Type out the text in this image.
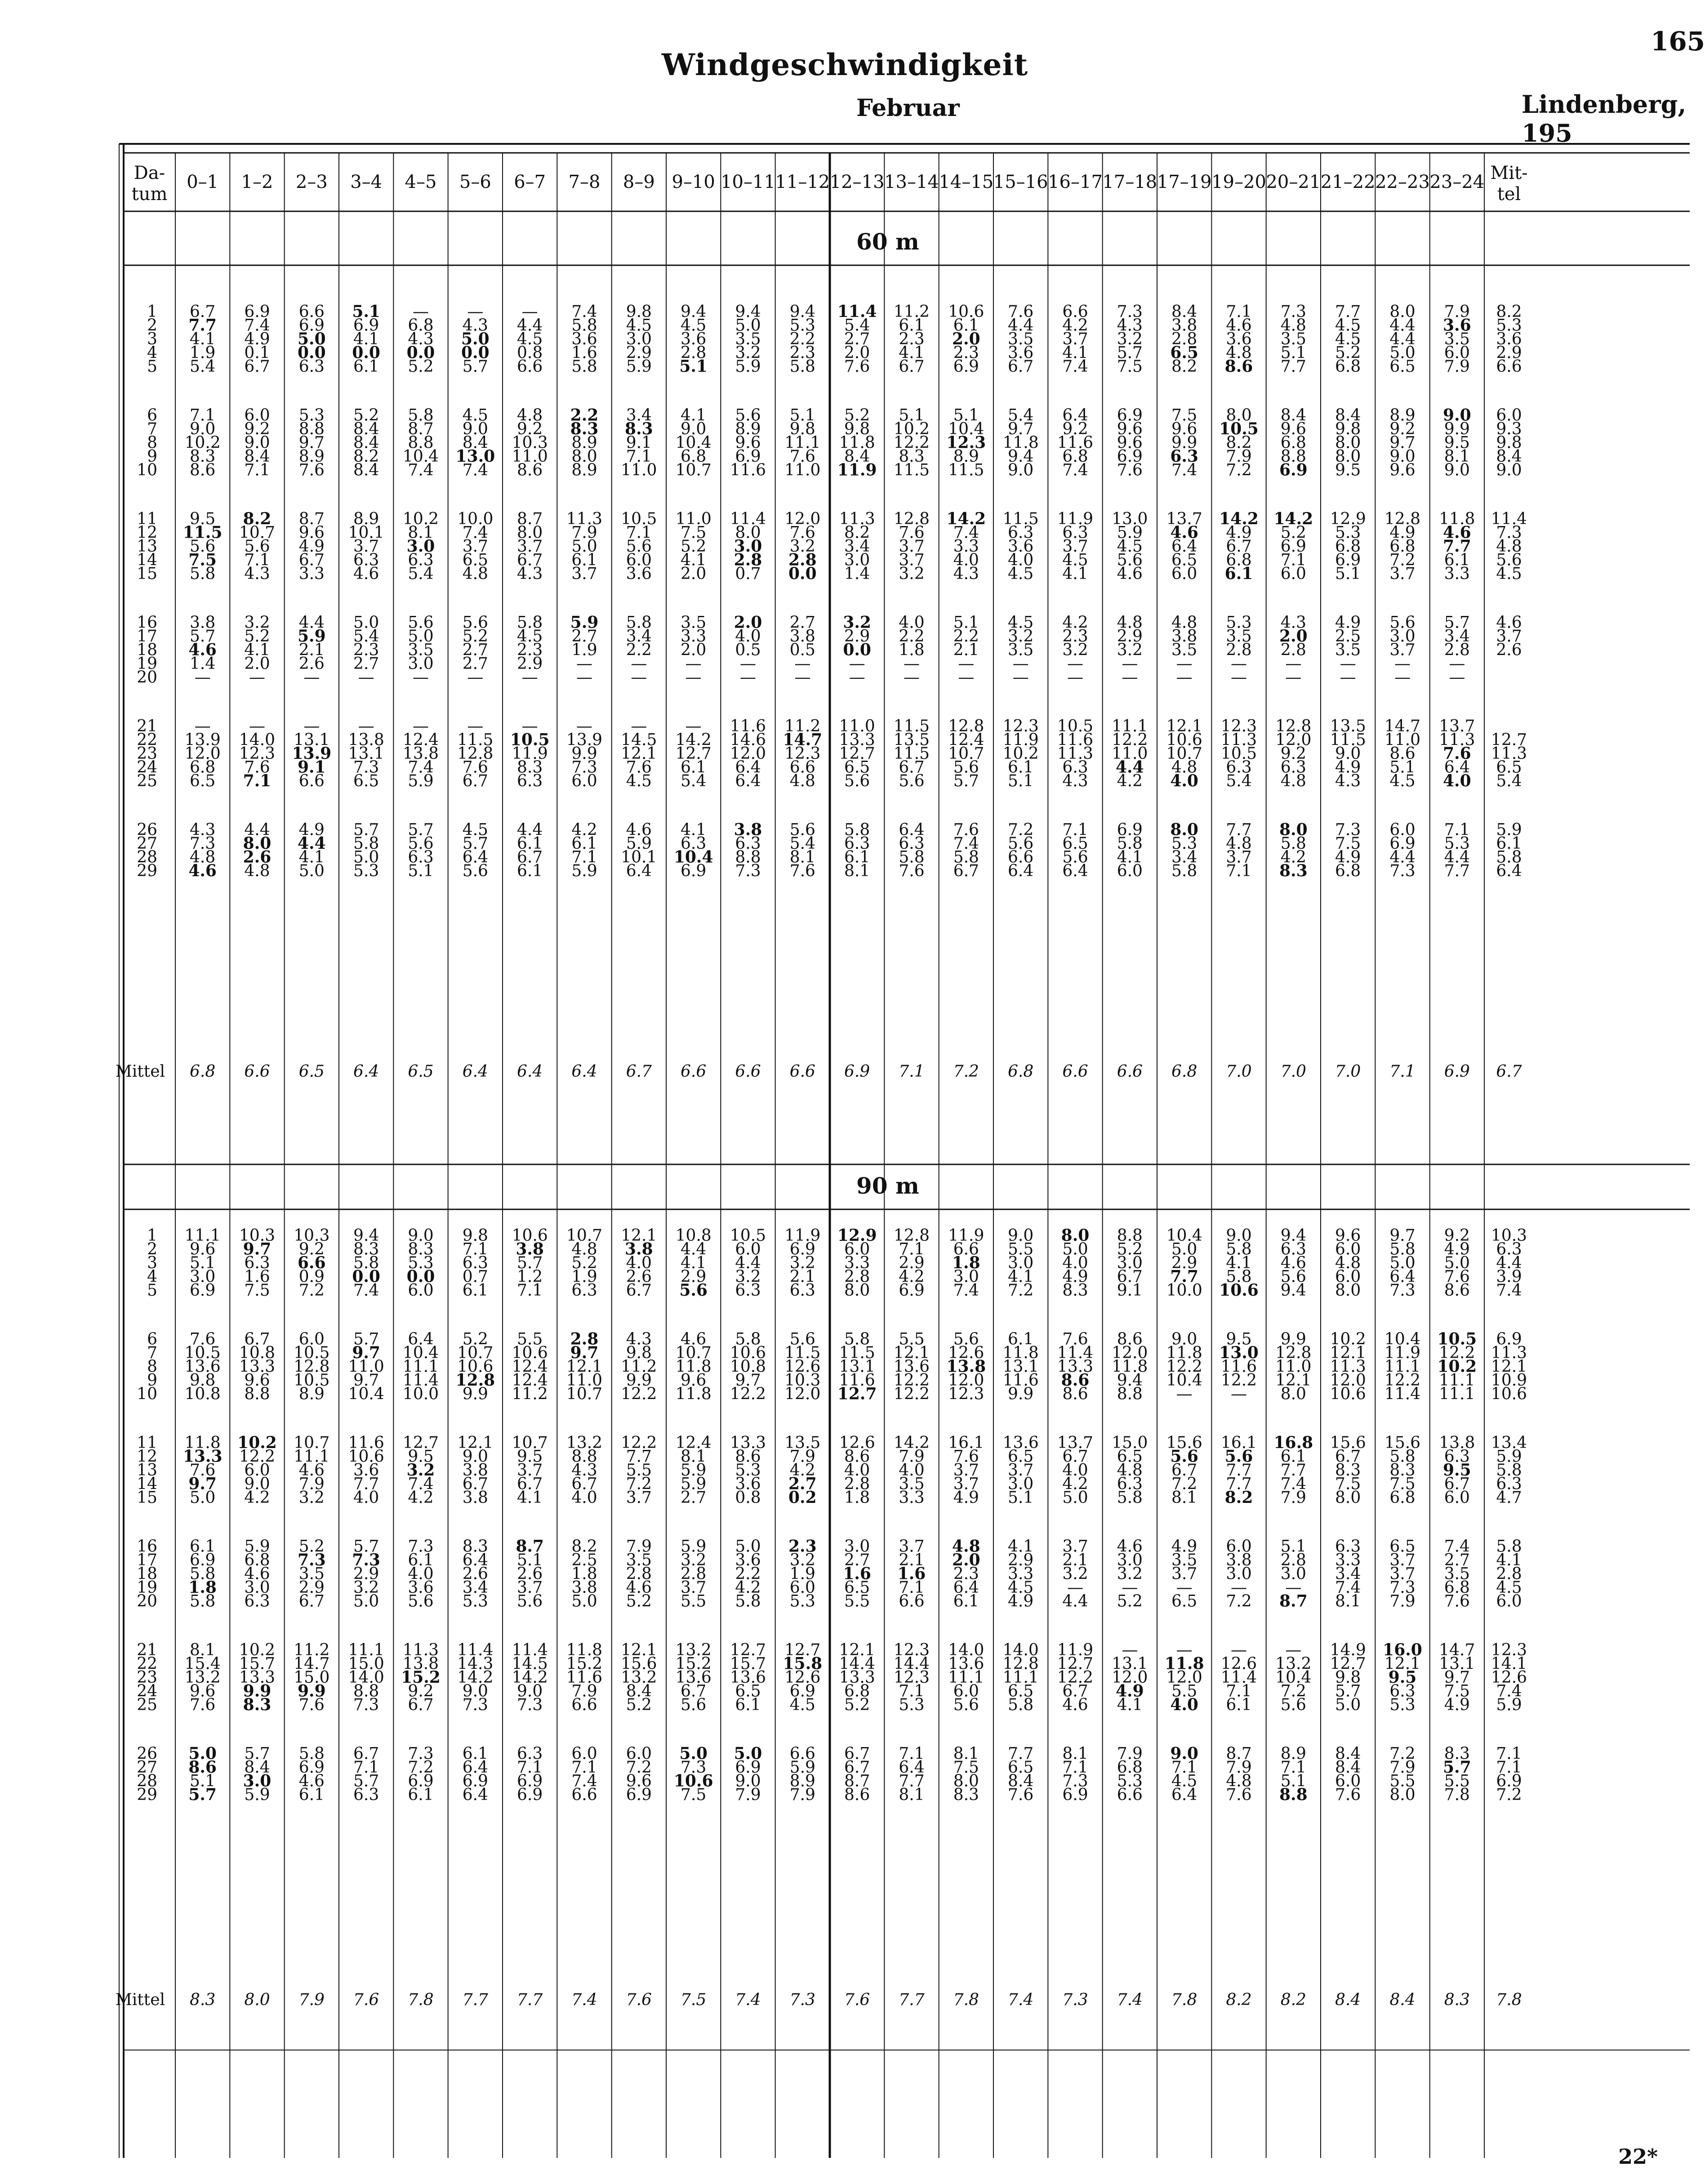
165
Windgeschwindigkeit
Februar	Lindenberg, 195
22*
Da-
tum
0–1 1–2 2–3 3–4 4–5 5–6 6–7 7–8 8–9 9–10 10–11 11–12 12–13 13–14 14–15 15–16 16–17 17–18 17–19 19–20 20–21 21–22 22–23 23–24 Mit-
tel
60 m
1 6.7 6.9 6.6 5.1 — — — 7.4 9.8 9.4 9.4 9.4 11.4 11.2 10.6 7.6 6.6 7.3 8.4 7.1 7.3 7.7 8.0 7.9 8.2
2 7.7 7.4 6.9 6.9 6.8 4.3 4.4 5.8 4.5 4.5 5.0 5.3 5.4 6.1 6.1 4.4 4.2 4.3 3.8 4.6 4.8 4.5 4.4 3.6 5.3
3 4.1 4.9 5.0 4.1 4.3 5.0 4.5 3.6 3.0 3.6 3.5 2.2 2.7 2.3 2.0 3.5 3.7 3.2 2.8 3.6 3.5 4.5 4.4 3.5 3.6
4 1.9 0.1 0.0 0.0 0.0 0.0 0.8 1.6 2.9 2.8 3.2 2.3 2.0 4.1 2.3 3.6 4.1 5.7 6.5 4.8 5.1 5.2 5.0 6.0 2.9
5 5.4 6.7 6.3 6.1 5.2 5.7 6.6 5.8 5.9 5.1 5.9 5.8 7.6 6.7 6.9 6.7 7.4 7.5 8.2 8.6 7.7 6.8 6.5 7.9 6.6
6 7.1 6.0 5.3 5.2 5.8 4.5 4.8 2.2 3.4 4.1 5.6 5.1 5.2 5.1 5.1 5.4 6.4 6.9 7.5 8.0 8.4 8.4 8.9 9.0 6.0
7 9.0 9.2 8.8 8.4 8.7 9.0 9.2 8.3 8.3 9.0 8.9 9.8 9.8 10.2 10.4 9.7 9.2 9.6 9.6 10.5 9.6 9.8 9.2 9.9 9.3
8 10.2 9.0 9.7 8.4 8.8 8.4 10.3 8.9 9.1 10.4 9.6 11.1 11.8 12.2 12.3 11.8 11.6 9.6 9.9 8.2 6.8 8.0 9.7 9.5 9.8
9 8.3 8.4 8.9 8.2 10.4 13.0 11.0 8.0 7.1 6.8 6.9 7.6 8.4 8.3 8.9 9.4 6.8 6.9 6.3 7.9 8.8 8.0 9.0 8.1 8.4
10 8.6 7.1 7.6 8.4 7.4 7.4 8.6 8.9 11.0 10.7 11.6 11.0 11.9 11.5 11.5 9.0 7.4 7.6 7.4 7.2 6.9 9.5 9.6 9.0 9.0
11 9.5 8.2 8.7 8.9 10.2 10.0 8.7 11.3 10.5 11.0 11.4 12.0 11.3 12.8 14.2 11.5 11.9 13.0 13.7 14.2 14.2 12.9 12.8 11.8 11.4
12 11.5 10.7 9.6 10.1 8.1 7.4 8.0 7.9 7.1 7.5 8.0 7.6 8.2 7.6 7.4 6.3 6.3 5.9 4.6 4.9 5.2 5.3 4.9 4.6 7.3
13 5.6 5.6 4.9 3.7 3.0 3.7 3.7 5.0 5.6 5.2 3.0 3.2 3.4 3.7 3.3 3.6 3.7 4.5 6.4 6.7 6.9 6.8 6.8 7.7 4.8
14 7.5 7.1 6.7 6.3 6.3 6.5 6.7 6.1 6.0 4.1 2.8 2.8 3.0 3.7 4.0 4.0 4.5 5.6 6.5 6.8 7.1 6.9 7.2 6.1 5.6
15 5.8 4.3 3.3 4.6 5.4 4.8 4.3 3.7 3.6 2.0 0.7 0.0 1.4 3.2 4.3 4.5 4.1 4.6 6.0 6.1 6.0 5.1 3.7 3.3 4.5
16 3.8 3.2 4.4 5.0 5.6 5.6 5.8 5.9 5.8 3.5 2.0 2.7 3.2 4.0 5.1 4.5 4.2 4.8 4.8 5.3 4.3 4.9 5.6 5.7 4.6
17 5.7 5.2 5.9 5.4 5.0 5.2 4.5 2.7 3.4 3.3 4.0 3.8 2.9 2.2 2.2 3.2 2.3 2.9 3.8 3.5 2.0 2.5 3.0 3.4 3.7
18 4.6 4.1 2.1 2.3 3.5 2.7 2.3 1.9 2.2 2.0 0.5 0.5 0.0 1.8 2.1 3.5 3.2 3.2 3.5 2.8 2.8 3.5 3.7 2.8 2.6
19 1.4 2.0 2.6 2.7 3.0 2.7 2.9 — — — — — — — — — — — — — — — — —
20 — — — — — — — — — — — — — — — — — — — — — — — —
21 — — — — — — — — — — 11.6 11.2 11.0 11.5 12.8 12.3 10.5 11.1 12.1 12.3 12.8 13.5 14.7 13.7
22 13.9 14.0 13.1 13.8 12.4 11.5 10.5 13.9 14.5 14.2 14.6 14.7 13.3 13.5 12.4 11.9 11.6 12.2 10.6 11.3 12.0 11.5 11.0 11.3 12.7
23 12.0 12.3 13.9 13.1 13.8 12.8 11.9 9.9 12.1 12.7 12.0 12.3 12.7 11.5 10.7 10.2 11.3 11.0 10.7 10.5 9.2 9.0 8.6 7.6 11.3
24 6.8 7.6 9.1 7.3 7.4 7.6 8.3 7.3 7.6 6.1 6.4 6.6 6.5 6.7 5.6 6.1 6.3 4.4 4.8 6.3 6.3 4.9 5.1 6.4 6.5
25 6.5 7.1 6.6 6.5 5.9 6.7 6.3 6.0 4.5 5.4 6.4 4.8 5.6 5.6 5.7 5.1 4.3 4.2 4.0 5.4 4.8 4.3 4.5 4.0 5.4
26 4.3 4.4 4.9 5.7 5.7 4.5 4.4 4.2 4.6 4.1 3.8 5.6 5.8 6.4 7.6 7.2 7.1 6.9 8.0 7.7 8.0 7.3 6.0 7.1 5.9
27 7.3 8.0 4.4 5.8 5.6 5.7 6.1 6.1 5.9 6.3 6.3 5.4 6.3 6.3 7.4 5.6 6.5 5.8 5.3 4.8 5.8 7.5 6.9 5.3 6.1
28 4.8 2.6 4.1 5.0 6.3 6.4 6.7 7.1 10.1 10.4 8.8 8.1 6.1 5.8 5.8 6.6 5.6 4.1 3.4 3.7 4.2 4.9 4.4 4.4 5.8
29 4.6 4.8 5.0 5.3 5.1 5.6 6.1 5.9 6.4 6.9 7.3 7.6 8.1 7.6 6.7 6.4 6.4 6.0 5.8 7.1 8.3 6.8 7.3 7.7 6.4
Mittel 6.8 6.6 6.5 6.4 6.5 6.4 6.4 6.4 6.7 6.6 6.6 6.6 6.9 7.1 7.2 6.8 6.6 6.6 6.8 7.0 7.0 7.0 7.1 6.9 6.7
90 m
1 11.1 10.3 10.3 9.4 9.0 9.8 10.6 10.7 12.1 10.8 10.5 11.9 12.9 12.8 11.9 9.0 8.0 8.8 10.4 9.0 9.4 9.6 9.7 9.2 10.3
2 9.6 9.7 9.2 8.3 8.3 7.1 3.8 4.8 3.8 4.4 6.0 6.9 6.0 7.1 6.6 5.5 5.0 5.2 5.0 5.8 6.3 6.0 5.8 4.9 6.3
3 5.1 6.3 6.6 5.8 5.3 6.3 5.7 5.2 4.0 4.1 4.4 3.2 3.3 2.9 1.8 3.0 4.0 3.0 2.9 4.1 4.6 4.8 5.0 5.0 4.4
4 3.0 1.6 0.9 0.0 0.0 0.7 1.2 1.9 2.6 2.9 3.2 2.1 2.8 4.2 3.0 4.1 4.9 6.7 7.7 5.8 5.6 6.0 6.4 7.6 3.9
5 6.9 7.5 7.2 7.4 6.0 6.1 7.1 6.3 6.7 5.6 6.3 6.3 8.0 6.9 7.4 7.2 8.3 9.1 10.0 10.6 9.4 8.0 7.3 8.6 7.4
6 7.6 6.7 6.0 5.7 6.4 5.2 5.5 2.8 4.3 4.6 5.8 5.6 5.8 5.5 5.6 6.1 7.6 8.6 9.0 9.5 9.9 10.2 10.4 10.5 6.9
7 10.5 10.8 10.5 9.7 10.4 10.7 10.6 9.7 9.8 10.7 10.6 11.5 11.5 12.1 12.6 11.8 11.4 12.0 11.8 13.0 12.8 12.1 11.9 12.2 11.3
8 13.6 13.3 12.8 11.0 11.1 10.6 12.4 12.1 11.2 11.8 10.8 12.6 13.1 13.6 13.8 13.1 13.3 11.8 12.2 11.6 11.0 11.3 11.1 10.2 12.1
9 9.8 9.6 10.5 9.7 11.4 12.8 12.4 11.0 9.9 9.6 9.7 10.3 11.6 12.2 12.0 11.6 8.6 9.4 10.4 12.2 12.1 12.0 12.2 11.1 10.9
10 10.8 8.8 8.9 10.4 10.0 9.9 11.2 10.7 12.2 11.8 12.2 12.0 12.7 12.2 12.3 9.9 8.6 8.8 — — 8.0 10.6 11.4 11.1 10.6
11 11.8 10.2 10.7 11.6 12.7 12.1 10.7 13.2 12.2 12.4 13.3 13.5 12.6 14.2 16.1 13.6 13.7 15.0 15.6 16.1 16.8 15.6 15.6 13.8 13.4
12 13.3 12.2 11.1 10.6 9.5 9.0 9.5 8.8 7.7 8.1 8.6 7.9 8.6 7.9 7.6 6.5 6.7 6.5 5.6 5.6 6.1 6.7 5.8 6.3 5.9
13 7.6 6.0 4.6 3.6 3.2 3.8 3.7 4.3 5.5 5.9 5.3 4.2 4.0 4.0 3.7 3.7 4.0 4.8 6.7 7.7 7.7 8.3 8.3 9.5 5.8
14 9.7 9.0 7.9 7.7 7.4 6.7 6.7 6.7 7.2 5.9 3.6 2.7 2.8 3.5 3.7 3.0 4.2 6.3 7.2 7.7 7.4 7.5 7.5 6.7 6.3
15 5.0 4.2 3.2 4.0 4.2 3.8 4.1 4.0 3.7 2.7 0.8 0.2 1.8 3.3 4.9 5.1 5.0 5.8 8.1 8.2 7.9 8.0 6.8 6.0 4.7
16 6.1 5.9 5.2 5.7 7.3 8.3 8.7 8.2 7.9 5.9 5.0 2.3 3.0 3.7 4.8 4.1 3.7 4.6 4.9 6.0 5.1 6.3 6.5 7.4 5.8
17 6.9 6.8 7.3 7.3 6.1 6.4 5.1 2.5 3.5 3.2 3.6 3.2 2.7 2.1 2.0 2.9 2.1 3.0 3.5 3.8 2.8 3.3 3.7 2.7 4.1
18 5.8 4.6 3.5 2.9 4.0 2.6 2.6 1.8 2.8 2.8 2.2 1.9 1.6 1.6 2.3 3.3 3.2 3.2 3.7 3.0 3.0 3.4 3.7 3.5 2.8
19 1.8 3.0 2.9 3.2 3.6 3.4 3.7 3.8 4.6 3.7 4.2 6.0 6.5 7.1 6.4 4.5 — — — — — 7.4 7.3 6.8 4.5
20 5.8 6.3 6.7 5.0 5.6 5.3 5.6 5.0 5.2 5.5 5.8 5.3 5.5 6.6 6.1 4.9 4.4 5.2 6.5 7.2 8.7 8.1 7.9 7.6 6.0
21 8.1 10.2 11.2 11.1 11.3 11.4 11.4 11.8 12.1 13.2 12.7 12.7 12.1 12.3 14.0 14.0 11.9 — — — — 14.9 16.0 14.7 12.3
22 15.4 15.7 14.7 15.0 13.8 14.3 14.5 15.2 15.6 15.2 15.7 15.8 14.4 14.4 13.6 12.8 12.7 13.1 11.8 12.6 13.2 12.7 12.1 13.1 14.1
23 13.2 13.3 15.0 14.0 15.2 14.2 14.2 11.6 13.2 13.6 13.6 12.6 13.3 12.3 11.1 11.1 12.2 12.0 12.0 11.4 10.4 9.8 9.5 9.7 12.6
24 9.6 9.9 9.9 8.8 9.2 9.0 9.0 7.9 8.4 6.7 6.5 6.9 6.8 7.1 6.0 6.5 6.7 4.9 5.5 7.1 7.2 5.7 6.3 7.5 7.4
25 7.6 8.3 7.6 7.3 6.7 7.3 7.3 6.6 5.2 5.6 6.1 4.5 5.2 5.3 5.6 5.8 4.6 4.1 4.0 6.1 5.6 5.0 5.3 4.9 5.9
26 5.0 5.7 5.8 6.7 7.3 6.1 6.3 6.0 6.0 5.0 5.0 6.6 6.7 7.1 8.1 7.7 8.1 7.9 9.0 8.7 8.9 8.4 7.2 8.3 7.1
27 8.6 8.4 6.9 7.1 7.2 6.4 7.1 7.1 7.2 7.3 6.9 5.9 6.7 6.4 7.5 6.5 7.1 6.8 7.1 7.9 7.1 8.4 7.9 5.7 7.1
28 5.1 3.0 4.6 5.7 6.9 6.9 6.9 7.4 9.6 10.6 9.0 8.9 8.7 7.7 8.0 8.4 7.3 5.3 4.5 4.8 5.1 6.0 5.5 5.5 6.9
29 5.7 5.9 6.1 6.3 6.1 6.4 6.9 6.6 6.9 7.5 7.9 7.9 8.6 8.1 8.3 7.6 6.9 6.6 6.4 7.6 8.8 7.6 8.0 7.8 7.2
Mittel 8.3 8.0 7.9 7.6 7.8 7.7 7.7 7.4 7.6 7.5 7.4 7.3 7.6 7.7 7.8 7.4 7.3 7.4 7.8 8.2 8.2 8.4 8.4 8.3 7.8
